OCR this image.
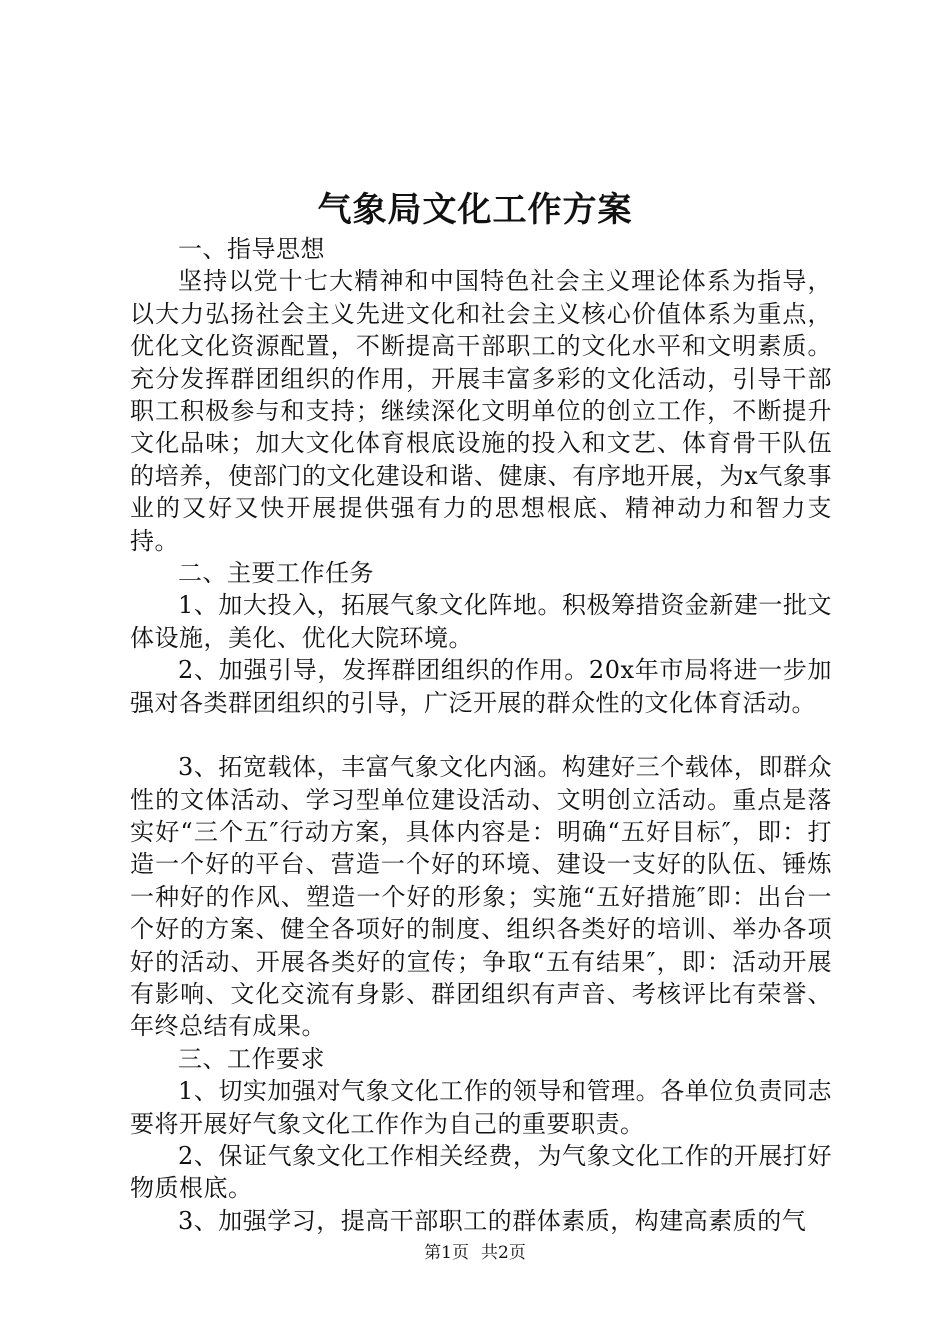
气象局文化工作方案

一、指导思想

坚持以党十七大精神和中国特色社会主义理论体系为指导，以大力弘扬社会主义先进文化和社会主义核心价值体系为重点，优化文化资源配置，不断提高干部职工的文化水平和文明素质。充分发挥群团组织的作用，开展丰富多彩的文化活动，引导干部职工积极参与和支持；继续深化文明单位的创立工作，不断提升文化品味；加大文化体育根底设施的投入和文艺、体育骨干队伍的培养，使部门的文化建设和谐、健康、有序地开展，为x气象事业的又好又快开展提供强有力的思想根底、精神动力和智力支持。

二、主要工作任务

1、加大投入，拓展气象文化阵地。积极筹措资金新建一批文体设施，美化、优化大院环境。

2、加强引导，发挥群团组织的作用。20x年市局将进一步加强对各类群团组织的引导，广泛开展的群众性的文化体育活动。

3、拓宽载体，丰富气象文化内涵。构建好三个载体，即群众性的文体活动、学习型单位建设活动、文明创立活动。重点是落实好“三个五″行动方案，具体内容是：明确“五好目标″，即：打造一个好的平台、营造一个好的环境、建设一支好的队伍、锤炼一种好的作风、塑造一个好的形象；实施“五好措施″即：出台一个好的方案、健全各项好的制度、组织各类好的培训、举办各项好的活动、开展各类好的宣传；争取“五有结果″，即：活动开展有影响、文化交流有身影、群团组织有声音、考核评比有荣誉、年终总结有成果。

三、工作要求

1、切实加强对气象文化工作的领导和管理。各单位负责同志要将开展好气象文化工作作为自己的重要职责。

2、保证气象文化工作相关经费，为气象文化工作的开展打好物质根底。

3、加强学习，提高干部职工的群体素质，构建高素质的气

第1页 共2页
